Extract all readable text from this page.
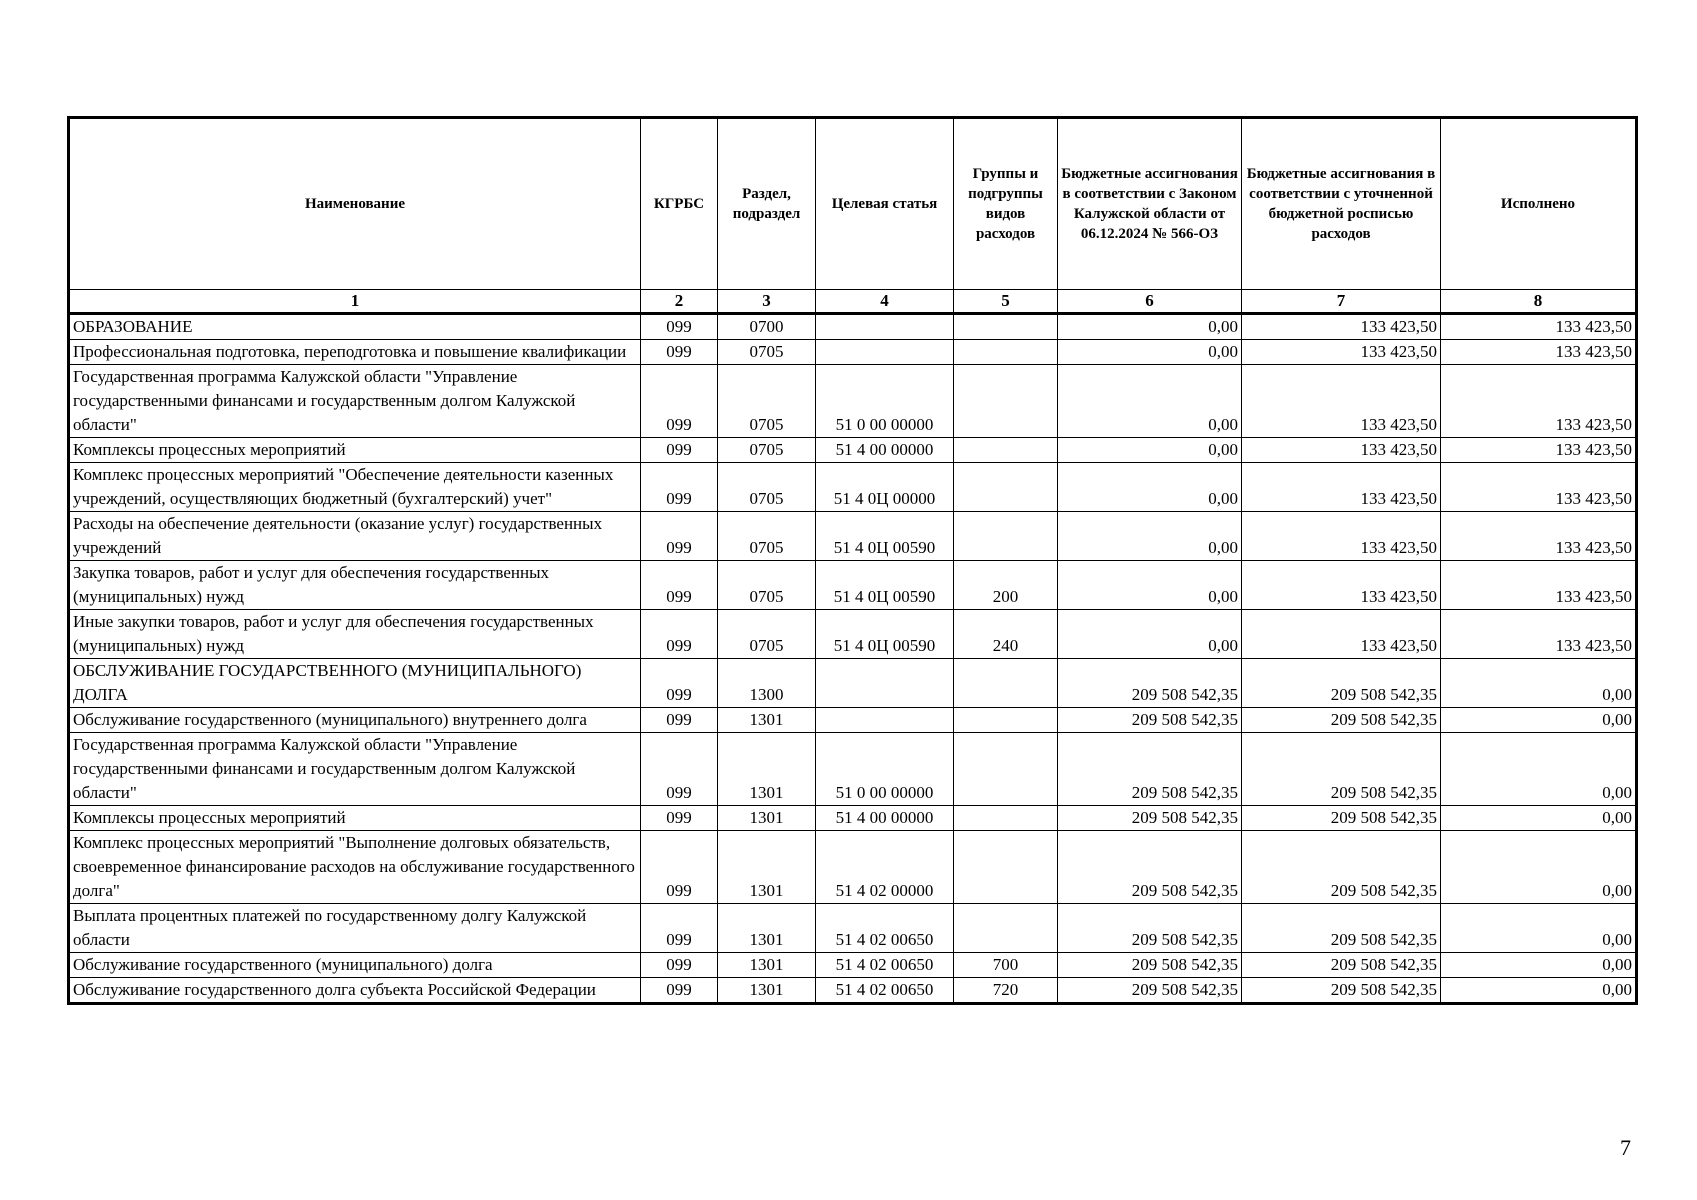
Наименование	КГРБС	Раздел, подраздел	Целевая статья	Группы и подгруппы видов расходов	Бюджетные ассигнования в соответствии с Законом Калужской области от 06.12.2024 № 566-ОЗ	Бюджетные ассигнования в соответствии с уточненной бюджетной росписью расходов	Исполнено
1	2	3	4	5	6	7	8
ОБРАЗОВАНИЕ	099	0700			0,00	133 423,50	133 423,50
Профессиональная подготовка, переподготовка и повышение квалификации	099	0705			0,00	133 423,50	133 423,50
Государственная программа Калужской области "Управление государственными финансами и государственным долгом Калужской области"	099	0705	51 0 00 00000		0,00	133 423,50	133 423,50
Комплексы процессных мероприятий	099	0705	51 4 00 00000		0,00	133 423,50	133 423,50
Комплекс процессных мероприятий "Обеспечение деятельности казенных учреждений, осуществляющих бюджетный (бухгалтерский) учет"	099	0705	51 4 0Ц 00000		0,00	133 423,50	133 423,50
Расходы на обеспечение деятельности (оказание услуг) государственных учреждений	099	0705	51 4 0Ц 00590		0,00	133 423,50	133 423,50
Закупка товаров, работ и услуг для обеспечения государственных (муниципальных) нужд	099	0705	51 4 0Ц 00590	200	0,00	133 423,50	133 423,50
Иные закупки товаров, работ и услуг для обеспечения государственных (муниципальных) нужд	099	0705	51 4 0Ц 00590	240	0,00	133 423,50	133 423,50
ОБСЛУЖИВАНИЕ ГОСУДАРСТВЕННОГО (МУНИЦИПАЛЬНОГО) ДОЛГА	099	1300			209 508 542,35	209 508 542,35	0,00
Обслуживание государственного (муниципального) внутреннего долга	099	1301			209 508 542,35	209 508 542,35	0,00
Государственная программа Калужской области "Управление государственными финансами и государственным долгом Калужской области"	099	1301	51 0 00 00000		209 508 542,35	209 508 542,35	0,00
Комплексы процессных мероприятий	099	1301	51 4 00 00000		209 508 542,35	209 508 542,35	0,00
Комплекс процессных мероприятий "Выполнение долговых обязательств, своевременное финансирование расходов на обслуживание государственного долга"	099	1301	51 4 02 00000		209 508 542,35	209 508 542,35	0,00
Выплата процентных платежей по государственному долгу Калужской области	099	1301	51 4 02 00650		209 508 542,35	209 508 542,35	0,00
Обслуживание государственного (муниципального) долга	099	1301	51 4 02 00650	700	209 508 542,35	209 508 542,35	0,00
Обслуживание государственного долга субъекта Российской Федерации	099	1301	51 4 02 00650	720	209 508 542,35	209 508 542,35	0,00
7
